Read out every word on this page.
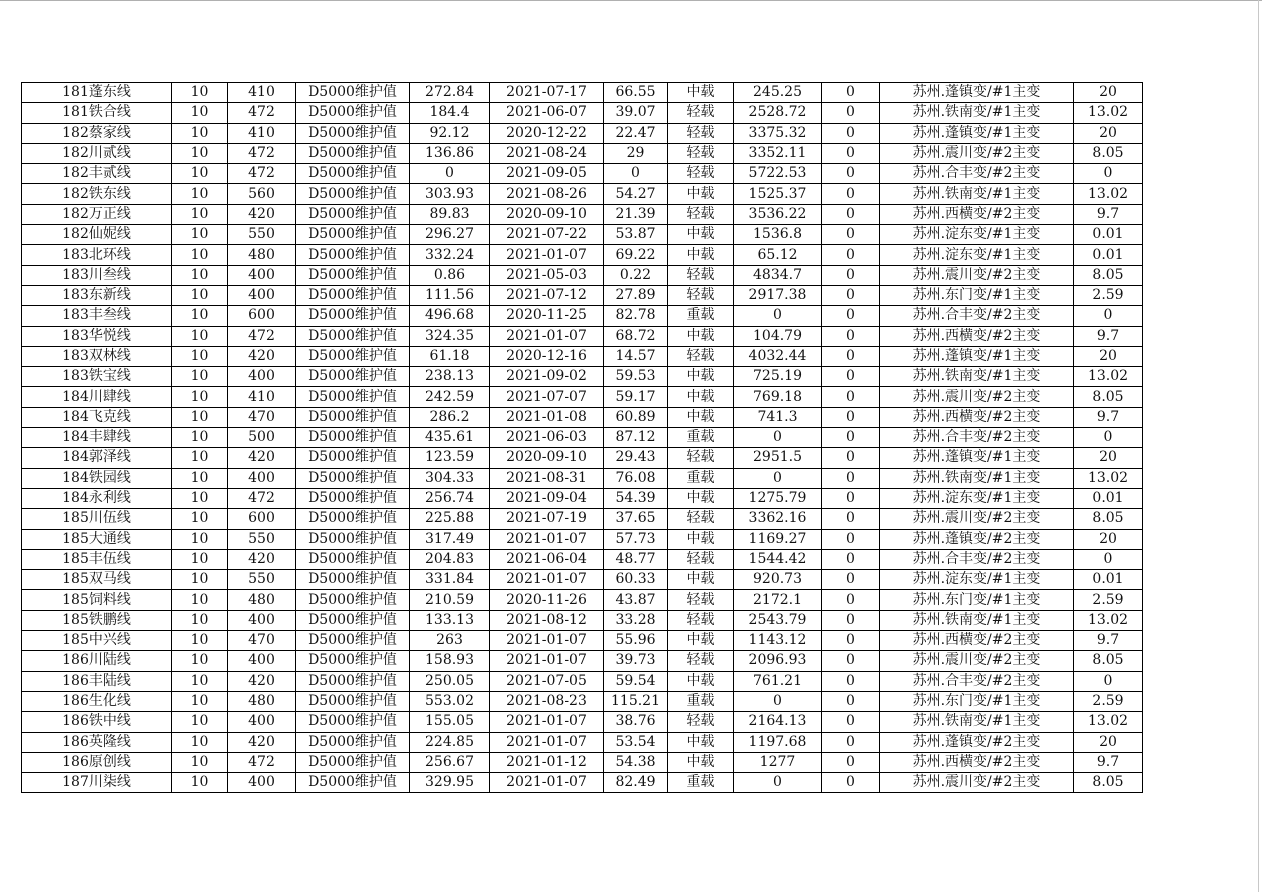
181蓬东线	10	410	D5000维护值	272.84	2021-07-17	66.55	中载	245.25	0	苏州.蓬镇变/#1主变	20
181铁合线	10	472	D5000维护值	184.4	2021-06-07	39.07	轻载	2528.72	0	苏州.铁南变/#1主变	13.02
182蔡家线	10	410	D5000维护值	92.12	2020-12-22	22.47	轻载	3375.32	0	苏州.蓬镇变/#1主变	20
182川贰线	10	472	D5000维护值	136.86	2021-08-24	29	轻载	3352.11	0	苏州.震川变/#2主变	8.05
182丰贰线	10	472	D5000维护值	0	2021-09-05	0	轻载	5722.53	0	苏州.合丰变/#2主变	0
182铁东线	10	560	D5000维护值	303.93	2021-08-26	54.27	中载	1525.37	0	苏州.铁南变/#1主变	13.02
182万正线	10	420	D5000维护值	89.83	2020-09-10	21.39	轻载	3536.22	0	苏州.西横变/#2主变	9.7
182仙妮线	10	550	D5000维护值	296.27	2021-07-22	53.87	中载	1536.8	0	苏州.淀东变/#1主变	0.01
183北环线	10	480	D5000维护值	332.24	2021-01-07	69.22	中载	65.12	0	苏州.淀东变/#1主变	0.01
183川叁线	10	400	D5000维护值	0.86	2021-05-03	0.22	轻载	4834.7	0	苏州.震川变/#2主变	8.05
183东新线	10	400	D5000维护值	111.56	2021-07-12	27.89	轻载	2917.38	0	苏州.东门变/#1主变	2.59
183丰叁线	10	600	D5000维护值	496.68	2020-11-25	82.78	重载	0	0	苏州.合丰变/#2主变	0
183华悦线	10	472	D5000维护值	324.35	2021-01-07	68.72	中载	104.79	0	苏州.西横变/#2主变	9.7
183双林线	10	420	D5000维护值	61.18	2020-12-16	14.57	轻载	4032.44	0	苏州.蓬镇变/#1主变	20
183铁宝线	10	400	D5000维护值	238.13	2021-09-02	59.53	中载	725.19	0	苏州.铁南变/#1主变	13.02
184川肆线	10	410	D5000维护值	242.59	2021-07-07	59.17	中载	769.18	0	苏州.震川变/#2主变	8.05
184飞克线	10	470	D5000维护值	286.2	2021-01-08	60.89	中载	741.3	0	苏州.西横变/#2主变	9.7
184丰肆线	10	500	D5000维护值	435.61	2021-06-03	87.12	重载	0	0	苏州.合丰变/#2主变	0
184郭泽线	10	420	D5000维护值	123.59	2020-09-10	29.43	轻载	2951.5	0	苏州.蓬镇变/#1主变	20
184铁园线	10	400	D5000维护值	304.33	2021-08-31	76.08	重载	0	0	苏州.铁南变/#1主变	13.02
184永利线	10	472	D5000维护值	256.74	2021-09-04	54.39	中载	1275.79	0	苏州.淀东变/#1主变	0.01
185川伍线	10	600	D5000维护值	225.88	2021-07-19	37.65	轻载	3362.16	0	苏州.震川变/#2主变	8.05
185大通线	10	550	D5000维护值	317.49	2021-01-07	57.73	中载	1169.27	0	苏州.蓬镇变/#2主变	20
185丰伍线	10	420	D5000维护值	204.83	2021-06-04	48.77	轻载	1544.42	0	苏州.合丰变/#2主变	0
185双马线	10	550	D5000维护值	331.84	2021-01-07	60.33	中载	920.73	0	苏州.淀东变/#1主变	0.01
185饲料线	10	480	D5000维护值	210.59	2020-11-26	43.87	轻载	2172.1	0	苏州.东门变/#1主变	2.59
185铁鹏线	10	400	D5000维护值	133.13	2021-08-12	33.28	轻载	2543.79	0	苏州.铁南变/#1主变	13.02
185中兴线	10	470	D5000维护值	263	2021-01-07	55.96	中载	1143.12	0	苏州.西横变/#2主变	9.7
186川陆线	10	400	D5000维护值	158.93	2021-01-07	39.73	轻载	2096.93	0	苏州.震川变/#2主变	8.05
186丰陆线	10	420	D5000维护值	250.05	2021-07-05	59.54	中载	761.21	0	苏州.合丰变/#2主变	0
186生化线	10	480	D5000维护值	553.02	2021-08-23	115.21	重载	0	0	苏州.东门变/#1主变	2.59
186铁中线	10	400	D5000维护值	155.05	2021-01-07	38.76	轻载	2164.13	0	苏州.铁南变/#1主变	13.02
186英隆线	10	420	D5000维护值	224.85	2021-01-07	53.54	中载	1197.68	0	苏州.蓬镇变/#2主变	20
186原创线	10	472	D5000维护值	256.67	2021-01-12	54.38	中载	1277	0	苏州.西横变/#2主变	9.7
187川柒线	10	400	D5000维护值	329.95	2021-01-07	82.49	重载	0	0	苏州.震川变/#2主变	8.05
